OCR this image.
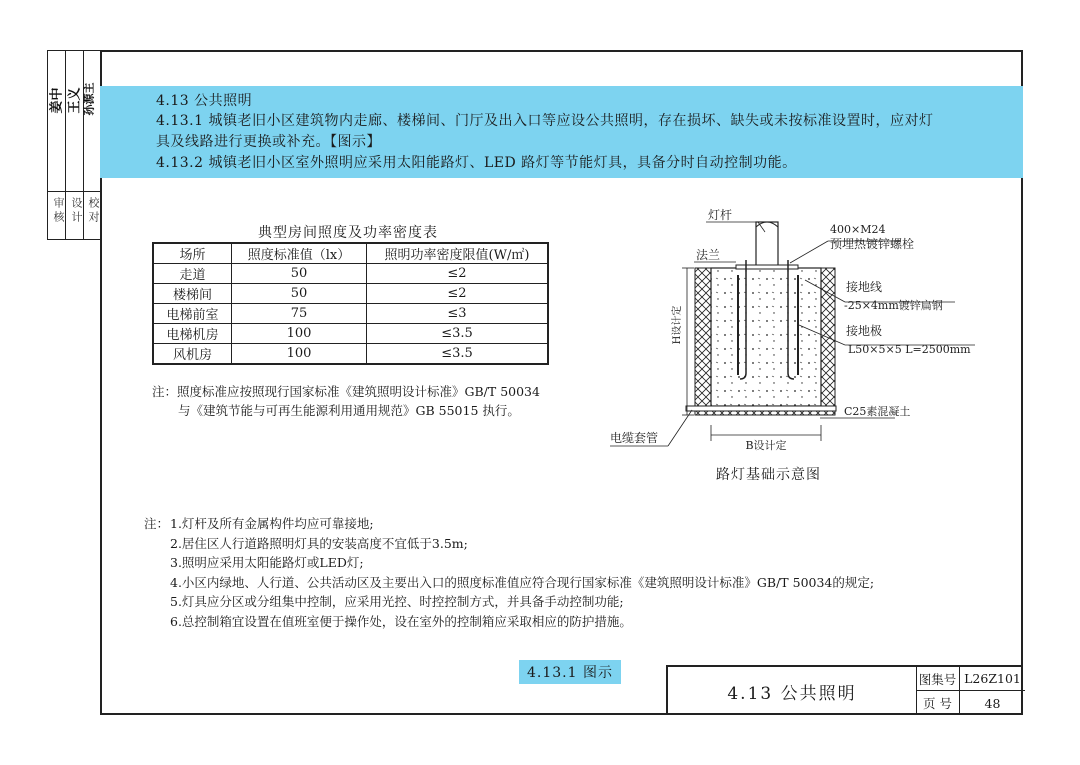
审核 设计 校对
姜中 王义 孙源主	4.13 公共照明

4.13.1 城镇老旧小区建筑物内走廊、楼梯间、门厅及出入口等应设公共照明，存在损坏、缺失或未按标准设置时，应对灯

具及线路进行更换或补充。【图示】

4.13.2 城镇老旧小区室外照明应采用太阳能路灯、LED 路灯等节能灯具，具备分时自动控制功能。

典型房间照度及功率密度表
场所	照度标准值（lx）	照明功率密度限值(W/㎡)
走道	50	≤2
楼梯间	50	≤2
电梯前室	75	≤3
电梯机房	100	≤3.5
风机房	100	≤3.5
注：照度标准应按照现行国家标准《建筑照明设计标准》GB/T 50034
与《建筑节能与可再生能源利用通用规范》GB 55015 执行。
灯杆
400×M24
预埋热镀锌螺栓
法兰
接地线
-25×4mm镀锌扁钢
接地极
L50×5×5 L=2500mm
H设计定
C25素混凝土
电缆套管
B设计定
路灯基础示意图
注： 1.灯杆及所有金属构件均应可靠接地;
2.居住区人行道路照明灯具的安装高度不宜低于3.5m;
3.照明应采用太阳能路灯或LED灯;
4.小区内绿地、人行道、公共活动区及主要出入口的照度标准值应符合现行国家标准《建筑照明设计标准》GB/T 50034的规定;
5.灯具应分区或分组集中控制，应采用光控、时控控制方式，并具备手动控制功能;
6.总控制箱宜设置在值班室便于操作处，设在室外的控制箱应采取相应的防护措施。
4.13.1 图示
4.13 公共照明
图集号 L26Z101
页 号	48
